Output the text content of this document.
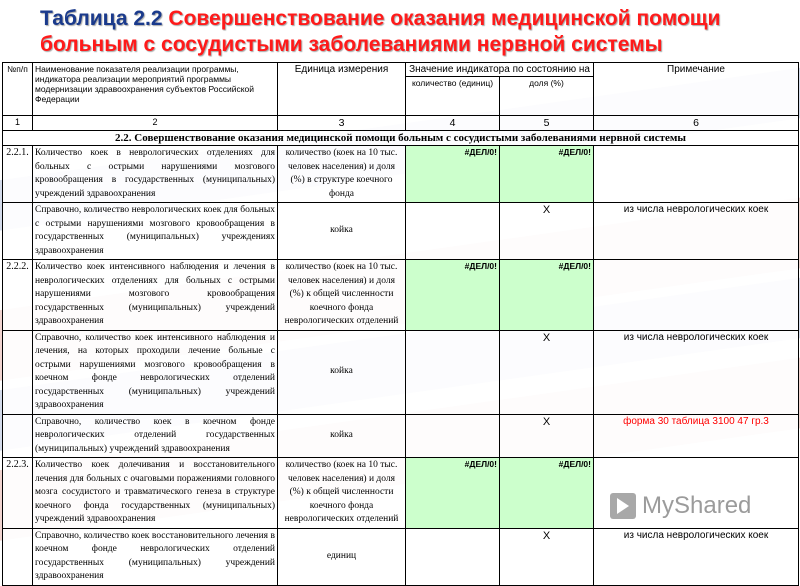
Таблица 2.2 Совершенствование оказания медицинской помощи больным с сосудистыми заболеваниями нервной системы
№п/п	Наименование показателя реализации программы, индикатора реализации мероприятий программы модернизации здравоохранения субъектов Российской Федерации	Единица измерения	Значение индикатора по состоянию на		Примечание
			количество (единиц)	доля (%)	
1	2	3	4	5	6
2.2. Совершенствование оказания медицинской помощи больным с сосудистыми заболеваниями нервной системы					
2.2.1.	Количество коек в неврологических отделениях для больных с острыми нарушениями мозгового кровообращения в государственных (муниципальных) учреждений здравоохранения	количество (коек на 10 тыс. человек населения) и доля (%) в структуре коечного фонда	#ДЕЛ/0!	#ДЕЛ/0!	
	Справочно, количество неврологических коек для больных с острыми нарушениями мозгового кровообращения в государственных (муниципальных) учреждениях здравоохранения	койка		X	из числа неврологических коек
2.2.2.	Количество коек интенсивного наблюдения и лечения в неврологических отделениях для больных с острыми нарушениями мозгового кровообращения государственных (муниципальных) учреждений здравоохранения	количество (коек на 10 тыс. человек населения) и доля (%) к общей численности коечного фонда неврологических отделений	#ДЕЛ/0!	#ДЕЛ/0!	
	Справочно, количество коек интенсивного наблюдения и лечения, на которых проходили лечение больные с острыми нарушениями мозгового кровообращения в коечном фонде неврологических отделений государственных (муниципальных) учреждений здравоохранения	койка		X	из числа неврологических коек
	Справочно, количество коек в коечном фонде неврологических отделений государственных (муниципальных) учреждений здравоохранения	койка		X	форма 30 таблица 3100 47 гр.3
2.2.3.	Количество коек долечивания и восстановительного лечения для больных с очаговыми поражениями головного мозга сосудистого и травматического генеза в структуре коечного фонда государственных (муниципальных) учреждений здравоохранения	количество (коек на 10 тыс. человек населения) и доля (%) к общей численности коечного фонда неврологических отделений	#ДЕЛ/0!	#ДЕЛ/0!	
	Справочно, количество коек восстановительного лечения в коечном фонде неврологических отделений государственных (муниципальных) учреждений здравоохранения	единиц		X	из числа неврологических коек
MyShared
